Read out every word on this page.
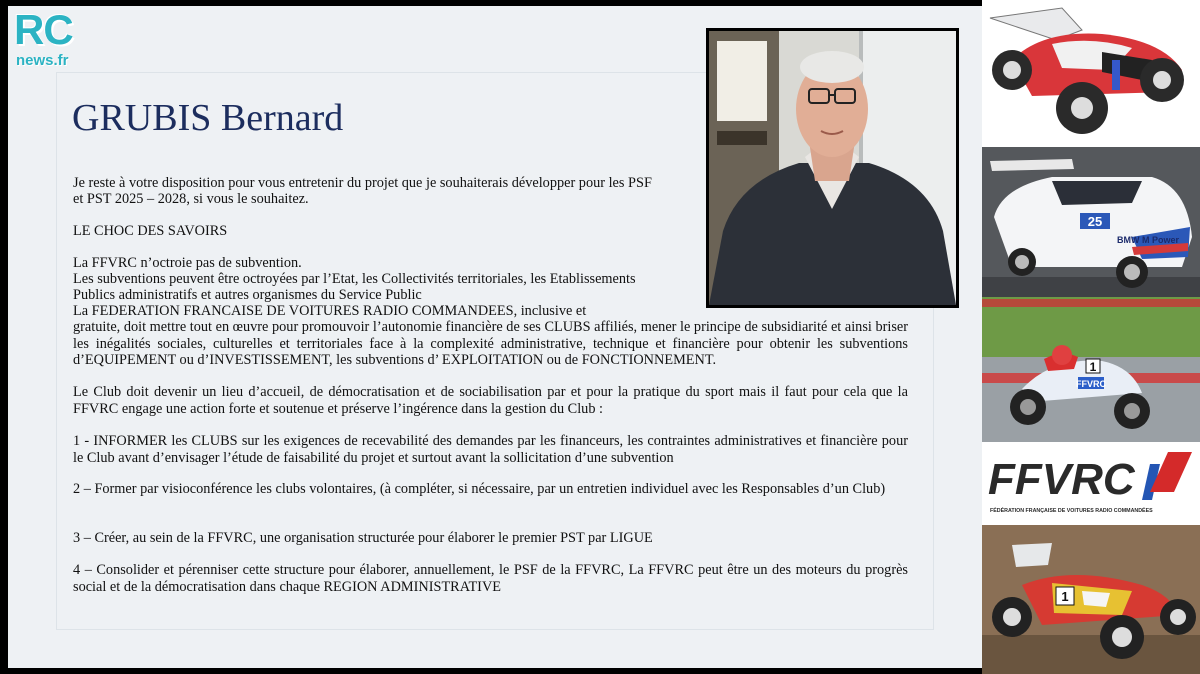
RC
news.fr
GRUBIS Bernard

Je reste à votre disposition pour vous entretenir du projet que je souhaiterais développer pour les PSF

et PST 2025 – 2028, si vous le souhaitez.

LE CHOC DES SAVOIRS

La FFVRC n’octroie pas de subvention.

Les subventions peuvent être octroyées par l’Etat, les Collectivités territoriales, les Etablissements

Publics administratifs et autres organismes du Service Public

La FEDERATION FRANCAISE DE VOITURES RADIO COMMANDEES, inclusive et

gratuite, doit mettre tout en œuvre pour promouvoir l’autonomie financière de ses CLUBS affiliés, mener le principe de subsidiarité et ainsi briser les inégalités sociales, culturelles et territoriales face à la complexité administrative, technique et financière pour obtenir les subventions d’EQUIPEMENT ou d’INVESTISSEMENT, les subventions d’ EXPLOITATION ou de FONCTIONNEMENT.

Le Club doit devenir un lieu d’accueil, de démocratisation et de sociabilisation par et pour la pratique du sport mais il faut pour cela que la FFVRC engage une action forte et soutenue et préserve l’ingérence dans la gestion du Club :

1 - INFORMER les CLUBS sur les exigences de recevabilité des demandes par les financeurs, les contraintes administratives et financière pour le Club avant d’envisager l’étude de faisabilité du projet et surtout avant la sollicitation d’une subvention

2 – Former par visioconférence les clubs volontaires, (à compléter, si nécessaire, par un entretien individuel avec les Responsables d’un Club)

3 – Créer, au sein de la FFVRC, une organisation structurée pour élaborer le premier PST par LIGUE

4 – Consolider et pérenniser cette structure pour élaborer, annuellement, le PSF de la FFVRC, La FFVRC peut être un des moteurs du progrès social et de la démocratisation dans chaque REGION ADMINISTRATIVE

25
BMW M Power
FFVRC
1
FFVRC
FÉDÉRATION FRANÇAISE DE VOITURES RADIO COMMANDÉES
1
